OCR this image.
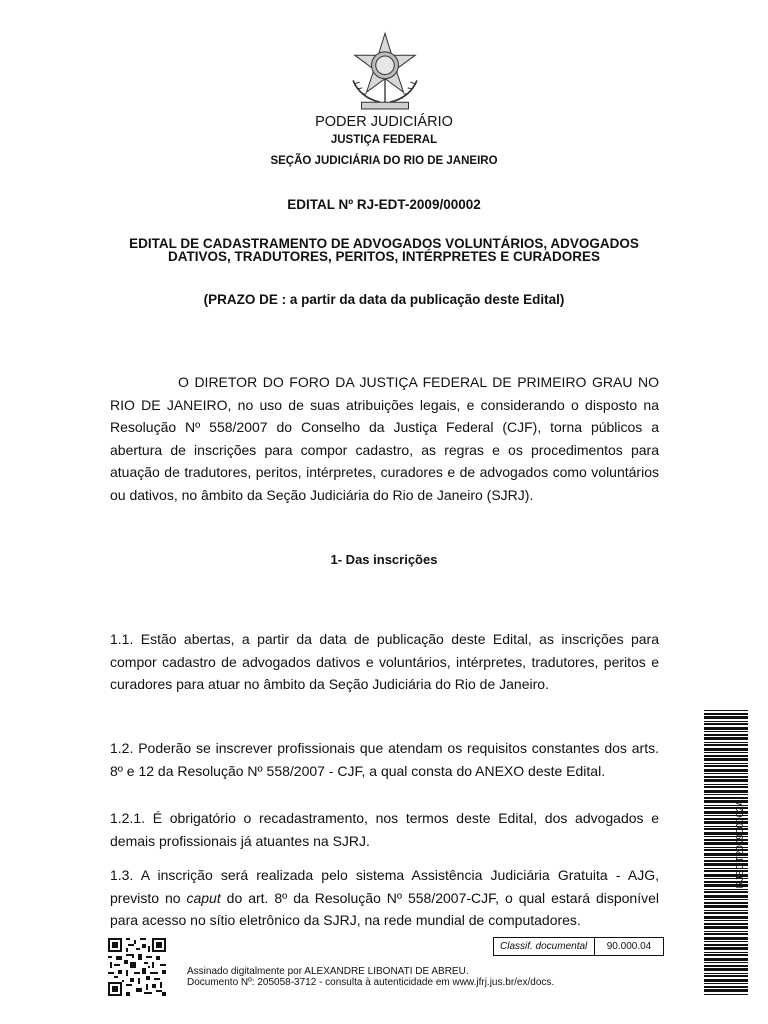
PODER JUDICIÁRIO
JUSTIÇA FEDERAL
SEÇÃO JUDICIÁRIA DO RIO DE JANEIRO
EDITAL Nº RJ-EDT-2009/00002
EDITAL DE CADASTRAMENTO DE ADVOGADOS VOLUNTÁRIOS, ADVOGADOS
DATIVOS, TRADUTORES, PERITOS, INTÉRPRETES E CURADORES
(PRAZO DE : a partir da data da publicação deste Edital)

O DIRETOR DO FORO DA JUSTIÇA FEDERAL DE PRIMEIRO GRAU NO RIO DE JANEIRO, no uso de suas atribuições legais, e considerando o disposto na Resolução Nº 558/2007 do Conselho da Justiça Federal (CJF), torna públicos a abertura de inscrições para compor cadastro, as regras e os procedimentos para atuação de tradutores, peritos, intérpretes, curadores e de advogados como voluntários ou dativos, no âmbito da Seção Judiciária do Rio de Janeiro (SJRJ).

1- Das inscrições

1.1. Estão abertas, a partir da data de publicação deste Edital, as inscrições para compor cadastro de advogados dativos e voluntários, intérpretes, tradutores, peritos e curadores para atuar no âmbito da Seção Judiciária do Rio de Janeiro.

1.2. Poderão se inscrever profissionais que atendam os requisitos constantes dos arts. 8º e 12 da Resolução Nº 558/2007 - CJF, a qual consta do ANEXO deste Edital.

1.2.1. É obrigatório o recadastramento, nos termos deste Edital, dos advogados e demais profissionais já atuantes na SJRJ.

1.3. A inscrição será realizada pelo sistema Assistência Judiciária Gratuita - AJG, previsto no caput do art. 8º da Resolução Nº 558/2007-CJF, o qual estará disponível para acesso no sítio eletrônico da SJRJ, na rede mundial de computadores.

Classif. documental	90.000.04
Assinado digitalmente por ALEXANDRE LIBONATI DE ABREU.
Documento Nº: 205058-3712 - consulta à autenticidade em www.jfrj.jus.br/ex/docs.
RJEDT200900002A
